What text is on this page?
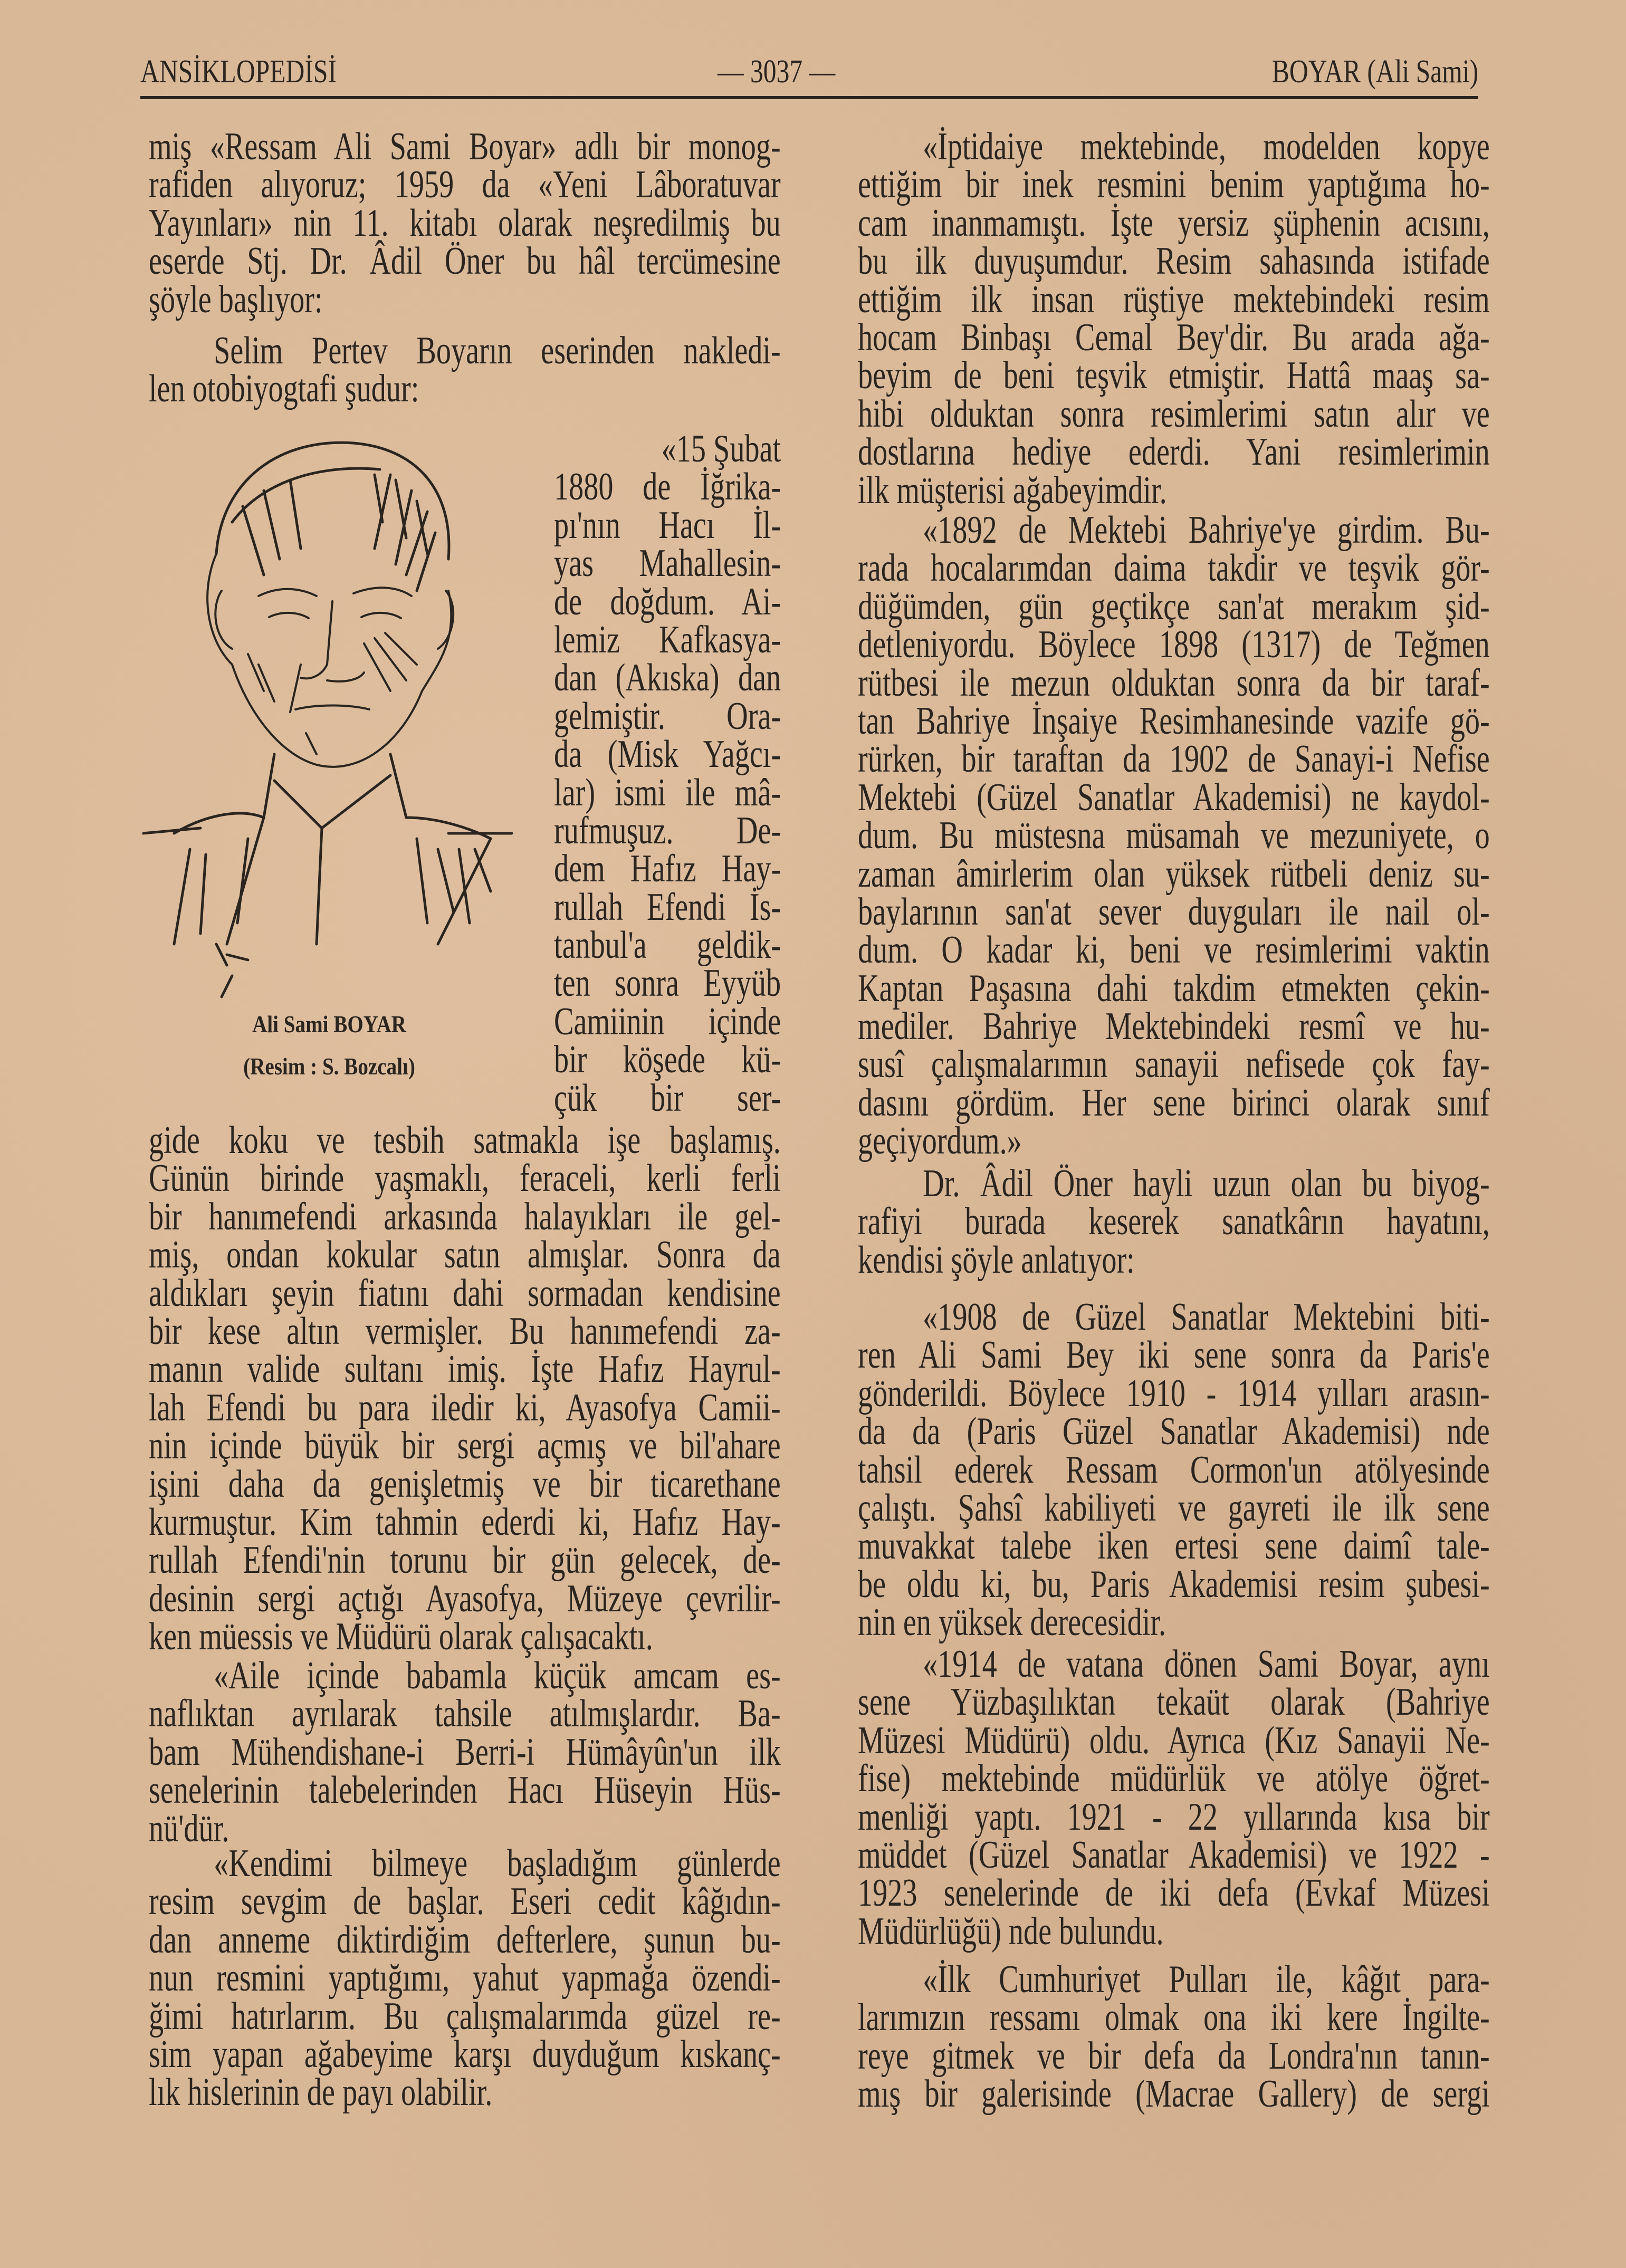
ANSİKLOPEDİSİ	— 3037 —	BOYAR (Ali Sami)
miş «Ressam Ali Sami Boyar» adlı bir monog-
rafiden alıyoruz; 1959 da «Yeni Lâboratuvar
Yayınları» nin 11. kitabı olarak neşredilmiş bu
eserde Stj. Dr. Âdil Öner bu hâl tercümesine
şöyle başlıyor:
Selim Pertev Boyarın eserinden nakledi-
len otobiyogtafi şudur:
«15 Şubat
1880 de İğrika-
pı'nın Hacı İl-
yas Mahallesin-
de doğdum. Ai-
lemiz Kafkasya-
dan (Akıska) dan
gelmiştir. Ora-
da (Misk Yağcı-
lar) ismi ile mâ-
rufmuşuz. De-
dem Hafız Hay-
rullah Efendi İs-
tanbul'a geldik-
ten sonra Eyyüb
Camiinin içinde
bir köşede kü-
çük bir ser-
gide koku ve tesbih satmakla işe başlamış.
Günün birinde yaşmaklı, feraceli, kerli ferli
bir hanımefendi arkasında halayıkları ile gel-
miş, ondan kokular satın almışlar. Sonra da
aldıkları şeyin fiatını dahi sormadan kendisine
bir kese altın vermişler. Bu hanımefendi za-
manın valide sultanı imiş. İşte Hafız Hayrul-
lah Efendi bu para iledir ki, Ayasofya Camii-
nin içinde büyük bir sergi açmış ve bil'ahare
işini daha da genişletmiş ve bir ticarethane
kurmuştur. Kim tahmin ederdi ki, Hafız Hay-
rullah Efendi'nin torunu bir gün gelecek, de-
desinin sergi açtığı Ayasofya, Müzeye çevrilir-
ken müessis ve Müdürü olarak çalışacaktı.
«Aile içinde babamla küçük amcam es-
naflıktan ayrılarak tahsile atılmışlardır. Ba-
bam Mühendishane-i Berri-i Hümâyûn'un ilk
senelerinin talebelerinden Hacı Hüseyin Hüs-
nü'dür.
«Kendimi bilmeye başladığım günlerde
resim sevgim de başlar. Eseri cedit kâğıdın-
dan anneme diktirdiğim defterlere, şunun bu-
nun resmini yaptığımı, yahut yapmağa özendi-
ğimi hatırlarım. Bu çalışmalarımda güzel re-
sim yapan ağabeyime karşı duyduğum kıskanç-
lık hislerinin de payı olabilir.
Ali Sami BOYAR
(Resim : S. Bozcalı)
«İptidaiye mektebinde, modelden kopye
ettiğim bir inek resmini benim yaptığıma ho-
cam inanmamıştı. İşte yersiz şüphenin acısını,
bu ilk duyuşumdur. Resim sahasında istifade
ettiğim ilk insan rüştiye mektebindeki resim
hocam Binbaşı Cemal Bey'dir. Bu arada ağa-
beyim de beni teşvik etmiştir. Hattâ maaş sa-
hibi olduktan sonra resimlerimi satın alır ve
dostlarına hediye ederdi. Yani resimlerimin
ilk müşterisi ağabeyimdir.
«1892 de Mektebi Bahriye'ye girdim. Bu-
rada hocalarımdan daima takdir ve teşvik gör-
düğümden, gün geçtikçe san'at merakım şid-
detleniyordu. Böylece 1898 (1317) de Teğmen
rütbesi ile mezun olduktan sonra da bir taraf-
tan Bahriye İnşaiye Resimhanesinde vazife gö-
rürken, bir taraftan da 1902 de Sanayi-i Nefise
Mektebi (Güzel Sanatlar Akademisi) ne kaydol-
dum. Bu müstesna müsamah ve mezuniyete, o
zaman âmirlerim olan yüksek rütbeli deniz su-
baylarının san'at sever duyguları ile nail ol-
dum. O kadar ki, beni ve resimlerimi vaktin
Kaptan Paşasına dahi takdim etmekten çekin-
mediler. Bahriye Mektebindeki resmî ve hu-
susî çalışmalarımın sanayii nefisede çok fay-
dasını gördüm. Her sene birinci olarak sınıf
geçiyordum.»
Dr. Âdil Öner hayli uzun olan bu biyog-
rafiyi burada keserek sanatkârın hayatını,
kendisi şöyle anlatıyor:
«1908 de Güzel Sanatlar Mektebini biti-
ren Ali Sami Bey iki sene sonra da Paris'e
gönderildi. Böylece 1910 - 1914 yılları arasın-
da da (Paris Güzel Sanatlar Akademisi) nde
tahsil ederek Ressam Cormon'un atölyesinde
çalıştı. Şahsî kabiliyeti ve gayreti ile ilk sene
muvakkat talebe iken ertesi sene daimî tale-
be oldu ki, bu, Paris Akademisi resim şubesi-
nin en yüksek derecesidir.
«1914 de vatana dönen Sami Boyar, aynı
sene Yüzbaşılıktan tekaüt olarak (Bahriye
Müzesi Müdürü) oldu. Ayrıca (Kız Sanayii Ne-
fise) mektebinde müdürlük ve atölye öğret-
menliği yaptı. 1921 - 22 yıllarında kısa bir
müddet (Güzel Sanatlar Akademisi) ve 1922 -
1923 senelerinde de iki defa (Evkaf Müzesi
Müdürlüğü) nde bulundu.
«İlk Cumhuriyet Pulları ile, kâğıt para-
larımızın ressamı olmak ona iki kere İngilte-
reye gitmek ve bir defa da Londra'nın tanın-
mış bir galerisinde (Macrae Gallery) de sergi
